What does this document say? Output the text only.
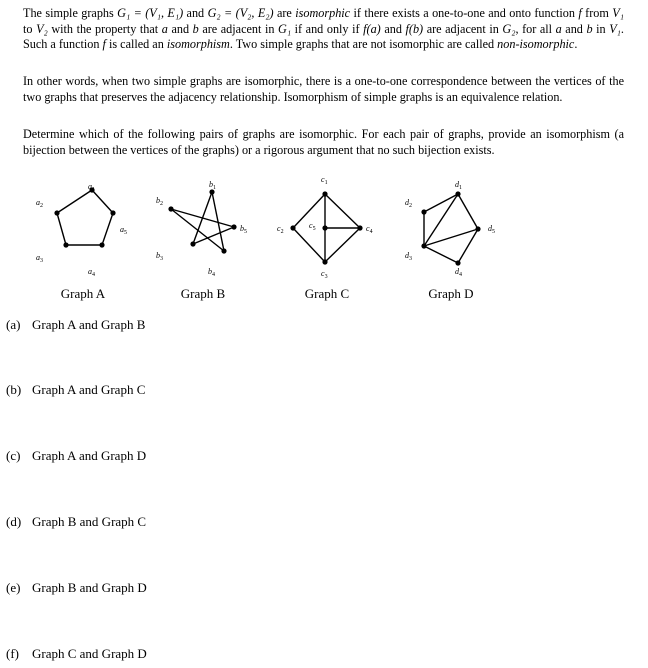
The simple graphs G₁ = (V₁, E₁) and G₂ = (V₂, E₂) are isomorphic if there exists a one-to-one and onto function f from V₁ to V₂ with the property that a and b are adjacent in G₁ if and only if f(a) and f(b) are adjacent in G₂, for all a and b in V₁. Such a function f is called an isomorphism. Two simple graphs that are not isomorphic are called non-isomorphic.
In other words, when two simple graphs are isomorphic, there is a one-to-one correspondence between the vertices of the two graphs that preserves the adjacency relationship. Isomorphism of simple graphs is an equivalence relation.
Determine which of the following pairs of graphs are isomorphic. For each pair of graphs, provide an isomorphism (a bijection between the vertices of the graphs) or a rigorous argument that no such bijection exists.
$a_1$
$a_2$
$a_3$
$a_4$
$a_5$
Graph A
$b_1$
$b_2$
$b_3$
$b_4$
$b_5$
Graph B
$c_1$
$c_2$
$c_3$
$c_4$
$c_5$
Graph C
$d_1$
$d_2$
$d_3$
$d_4$
$d_5$
Graph D
(a) Graph A and Graph B
(b) Graph A and Graph C
(c) Graph A and Graph D
(d) Graph B and Graph C
(e) Graph B and Graph D
(f) Graph C and Graph D
